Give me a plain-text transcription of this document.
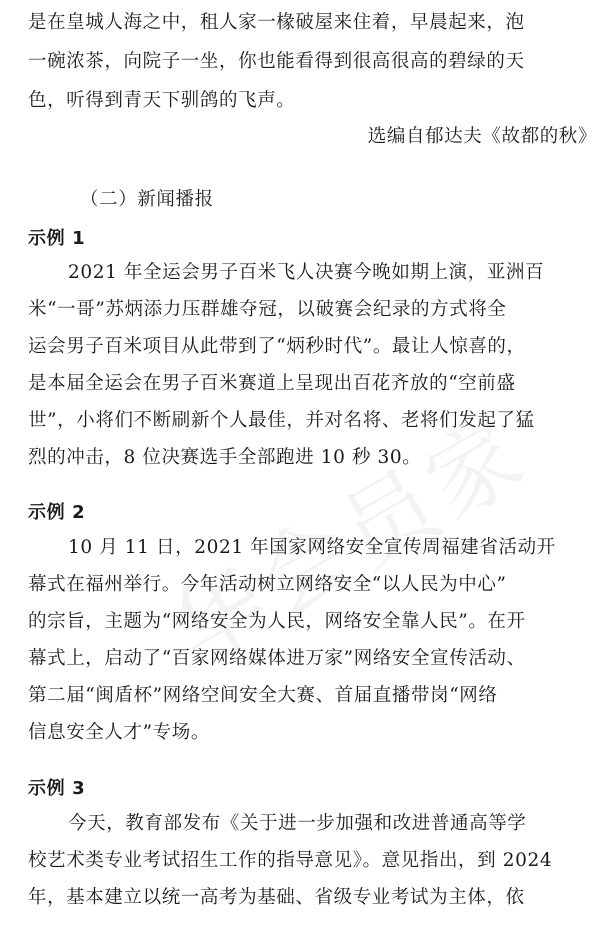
是在皇城人海之中，租人家一椽破屋来住着，早晨起来，泡
一碗浓茶，向院子一坐，你也能看得到很高很高的碧绿的天
色，听得到青天下驯鸽的飞声。
选编自郁达夫《故都的秋》
（二）新闻播报
示例 1
2021 年全运会男子百米飞人决赛今晚如期上演，亚洲百
米“一哥”苏炳添力压群雄夺冠，以破赛会纪录的方式将全
运会男子百米项目从此带到了“炳秒时代”。最让人惊喜的，
是本届全运会在男子百米赛道上呈现出百花齐放的“空前盛
世”，小将们不断刷新个人最佳，并对名将、老将们发起了猛
烈的冲击，8 位决赛选手全部跑进 10 秒 30。
示例 2
10 月 11 日，2021 年国家网络安全宣传周福建省活动开
幕式在福州举行。今年活动树立网络安全“以人民为中心”
的宗旨，主题为“网络安全为人民，网络安全靠人民”。在开
幕式上，启动了“百家网络媒体进万家”网络安全宣传活动、
第二届“闽盾杯”网络空间安全大赛、首届直播带岗“网络
信息安全人才”专场。
示例 3
今天，教育部发布《关于进一步加强和改进普通高等学
校艺术类专业考试招生工作的指导意见》。意见指出，到 2024
年，基本建立以统一高考为基础、省级专业考试为主体，依
